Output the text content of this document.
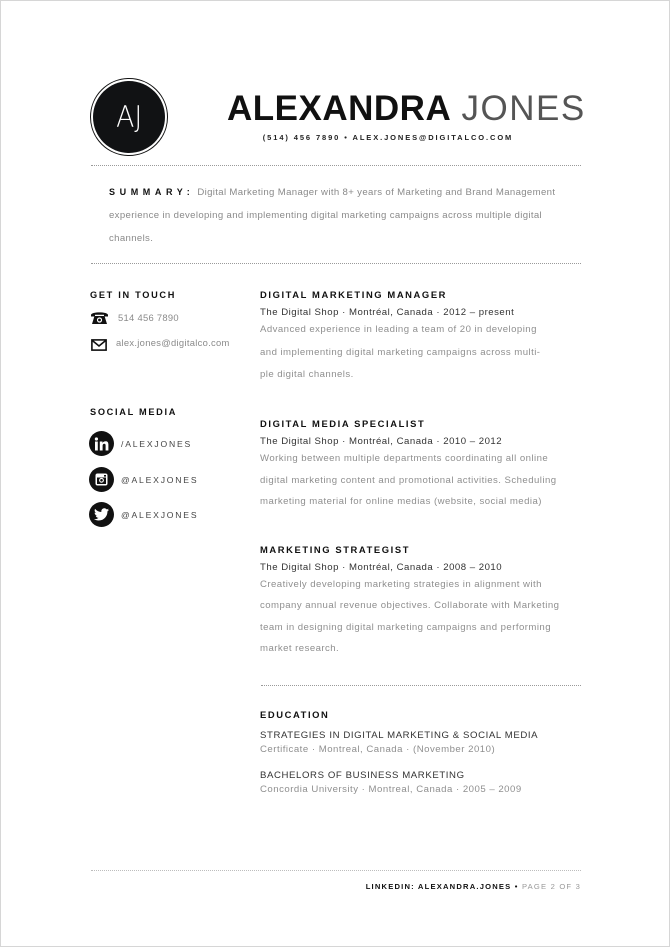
AJ ALEXANDRA JONES
(514) 456 7890 • ALEX.JONES@DIGITALCO.COM
SUMMARY: Digital Marketing Manager with 8+ years of Marketing and Brand Management experience in developing and implementing digital marketing campaigns across multiple digital channels.
GET IN TOUCH
514 456 7890
alex.jones@digitalco.com
SOCIAL MEDIA
/ALEXJONES
@ALEXJONES
@ALEXJONES
DIGITAL MARKETING MANAGER
The Digital Shop · Montréal, Canada · 2012 – present
Advanced experience in leading a team of 20 in developing
and implementing digital marketing campaigns across multi-
ple digital channels.
DIGITAL MEDIA SPECIALIST
The Digital Shop · Montréal, Canada · 2010 – 2012
Working between multiple departments coordinating all online
digital marketing content and promotional activities. Scheduling
marketing material for online medias (website, social media)
MARKETING STRATEGIST
The Digital Shop · Montréal, Canada · 2008 – 2010
Creatively developing marketing strategies in alignment with
company annual revenue objectives. Collaborate with Marketing
team in designing digital marketing campaigns and performing
market research.
EDUCATION
STRATEGIES IN DIGITAL MARKETING & SOCIAL MEDIA
Certificate · Montreal, Canada · (November 2010)
BACHELORS OF BUSINESS MARKETING
Concordia University · Montreal, Canada · 2005 – 2009
LINKEDIN: ALEXANDRA.JONES • PAGE 2 OF 3
